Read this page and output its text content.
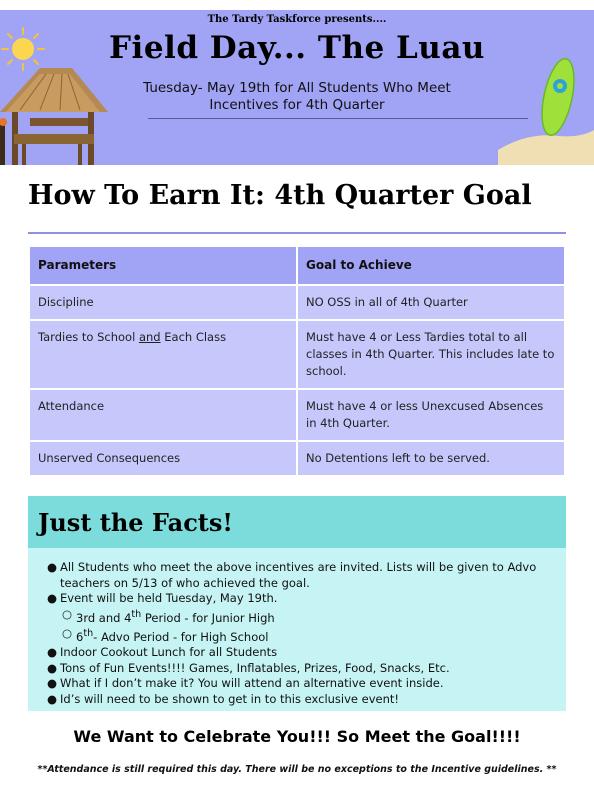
The Tardy Taskforce presents....
Field Day... The Luau
Tuesday- May 19th for All Students Who Meet
Incentives for 4th Quarter
How To Earn It: 4th Quarter Goal
Parameters	Goal to Achieve
Discipline	NO OSS in all of 4th Quarter
Tardies to School and Each Class	Must have 4 or Less Tardies total to all classes in 4th Quarter. This includes late to school.
Attendance	Must have 4 or less Unexcused Absences in 4th Quarter.
Unserved Consequences	No Detentions left to be served.
Just the Facts!
● All Students who meet the above incentives are invited. Lists will be given to Advo teachers on 5/13 of who achieved the goal.
● Event will be held Tuesday, May 19th.
○ 3rd and 4th Period - for Junior High
○ 6th- Advo Period - for High School
● Indoor Cookout Lunch for all Students
● Tons of Fun Events!!!! Games, Inflatables, Prizes, Food, Snacks, Etc.
● What if I don’t make it? You will attend an alternative event inside.
● Id’s will need to be shown to get in to this exclusive event!
We Want to Celebrate You!!! So Meet the Goal!!!!
**Attendance is still required this day. There will be no exceptions to the Incentive guidelines. **
